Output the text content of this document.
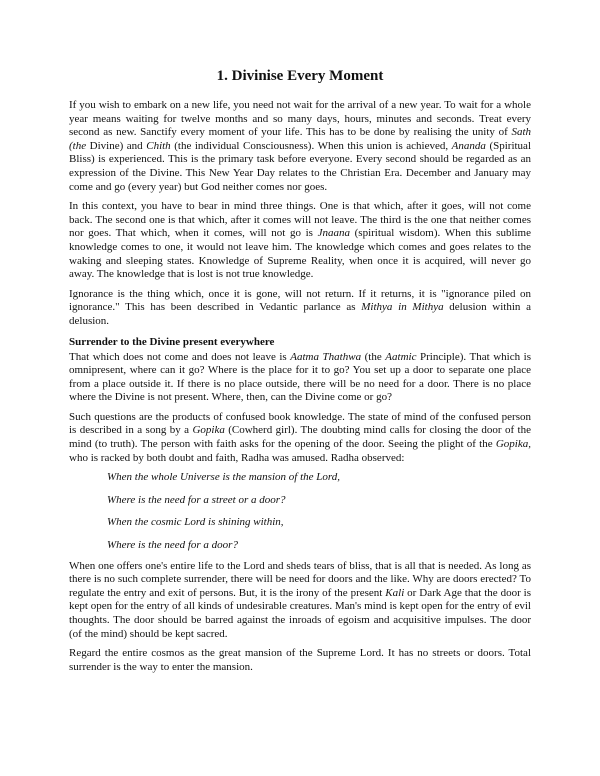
1. Divinise Every Moment

If you wish to embark on a new life, you need not wait for the arrival of a new year. To wait for a whole year means waiting for twelve months and so many days, hours, minutes and seconds. Treat every second as new. Sanctify every moment of your life. This has to be done by realising the unity of Sath (the Divine) and Chith (the individual Consciousness). When this union is achieved, Ananda (Spiritual Bliss) is experienced. This is the primary task before everyone. Every second should be regarded as an expression of the Divine. This New Year Day relates to the Christian Era. December and January may come and go (every year) but God neither comes nor goes.

In this context, you have to bear in mind three things. One is that which, after it goes, will not come back. The second one is that which, after it comes will not leave. The third is the one that neither comes nor goes. That which, when it comes, will not go is Jnaana (spiritual wisdom). When this sublime knowledge comes to one, it would not leave him. The knowledge which comes and goes relates to the waking and sleeping states. Knowledge of Supreme Reality, when once it is acquired, will never go away. The knowledge that is lost is not true knowledge.

Ignorance is the thing which, once it is gone, will not return. If it returns, it is "ignorance piled on ignorance." This has been described in Vedantic parlance as Mithya in Mithya delusion within a delusion.

Surrender to the Divine present everywhere

That which does not come and does not leave is Aatma Thathwa (the Aatmic Principle). That which is omnipresent, where can it go? Where is the place for it to go? You set up a door to separate one place from a place outside it. If there is no place outside, there will be no need for a door. There is no place where the Divine is not present. Where, then, can the Divine come or go?

Such questions are the products of confused book knowledge. The state of mind of the confused person is described in a song by a Gopika (Cowherd girl). The doubting mind calls for closing the door of the mind (to truth). The person with faith asks for the opening of the door. Seeing the plight of the Gopika, who is racked by both doubt and faith, Radha was amused. Radha observed:

When the whole Universe is the mansion of the Lord,
Where is the need for a street or a door?
When the cosmic Lord is shining within,
Where is the need for a door?

When one offers one's entire life to the Lord and sheds tears of bliss, that is all that is needed. As long as there is no such complete surrender, there will be need for doors and the like. Why are doors erected? To regulate the entry and exit of persons. But, it is the irony of the present Kali or Dark Age that the door is kept open for the entry of all kinds of undesirable creatures. Man's mind is kept open for the entry of evil thoughts. The door should be barred against the inroads of egoism and acquisitive impulses. The door (of the mind) should be kept sacred.

Regard the entire cosmos as the great mansion of the Supreme Lord. It has no streets or doors. Total surrender is the way to enter the mansion.
